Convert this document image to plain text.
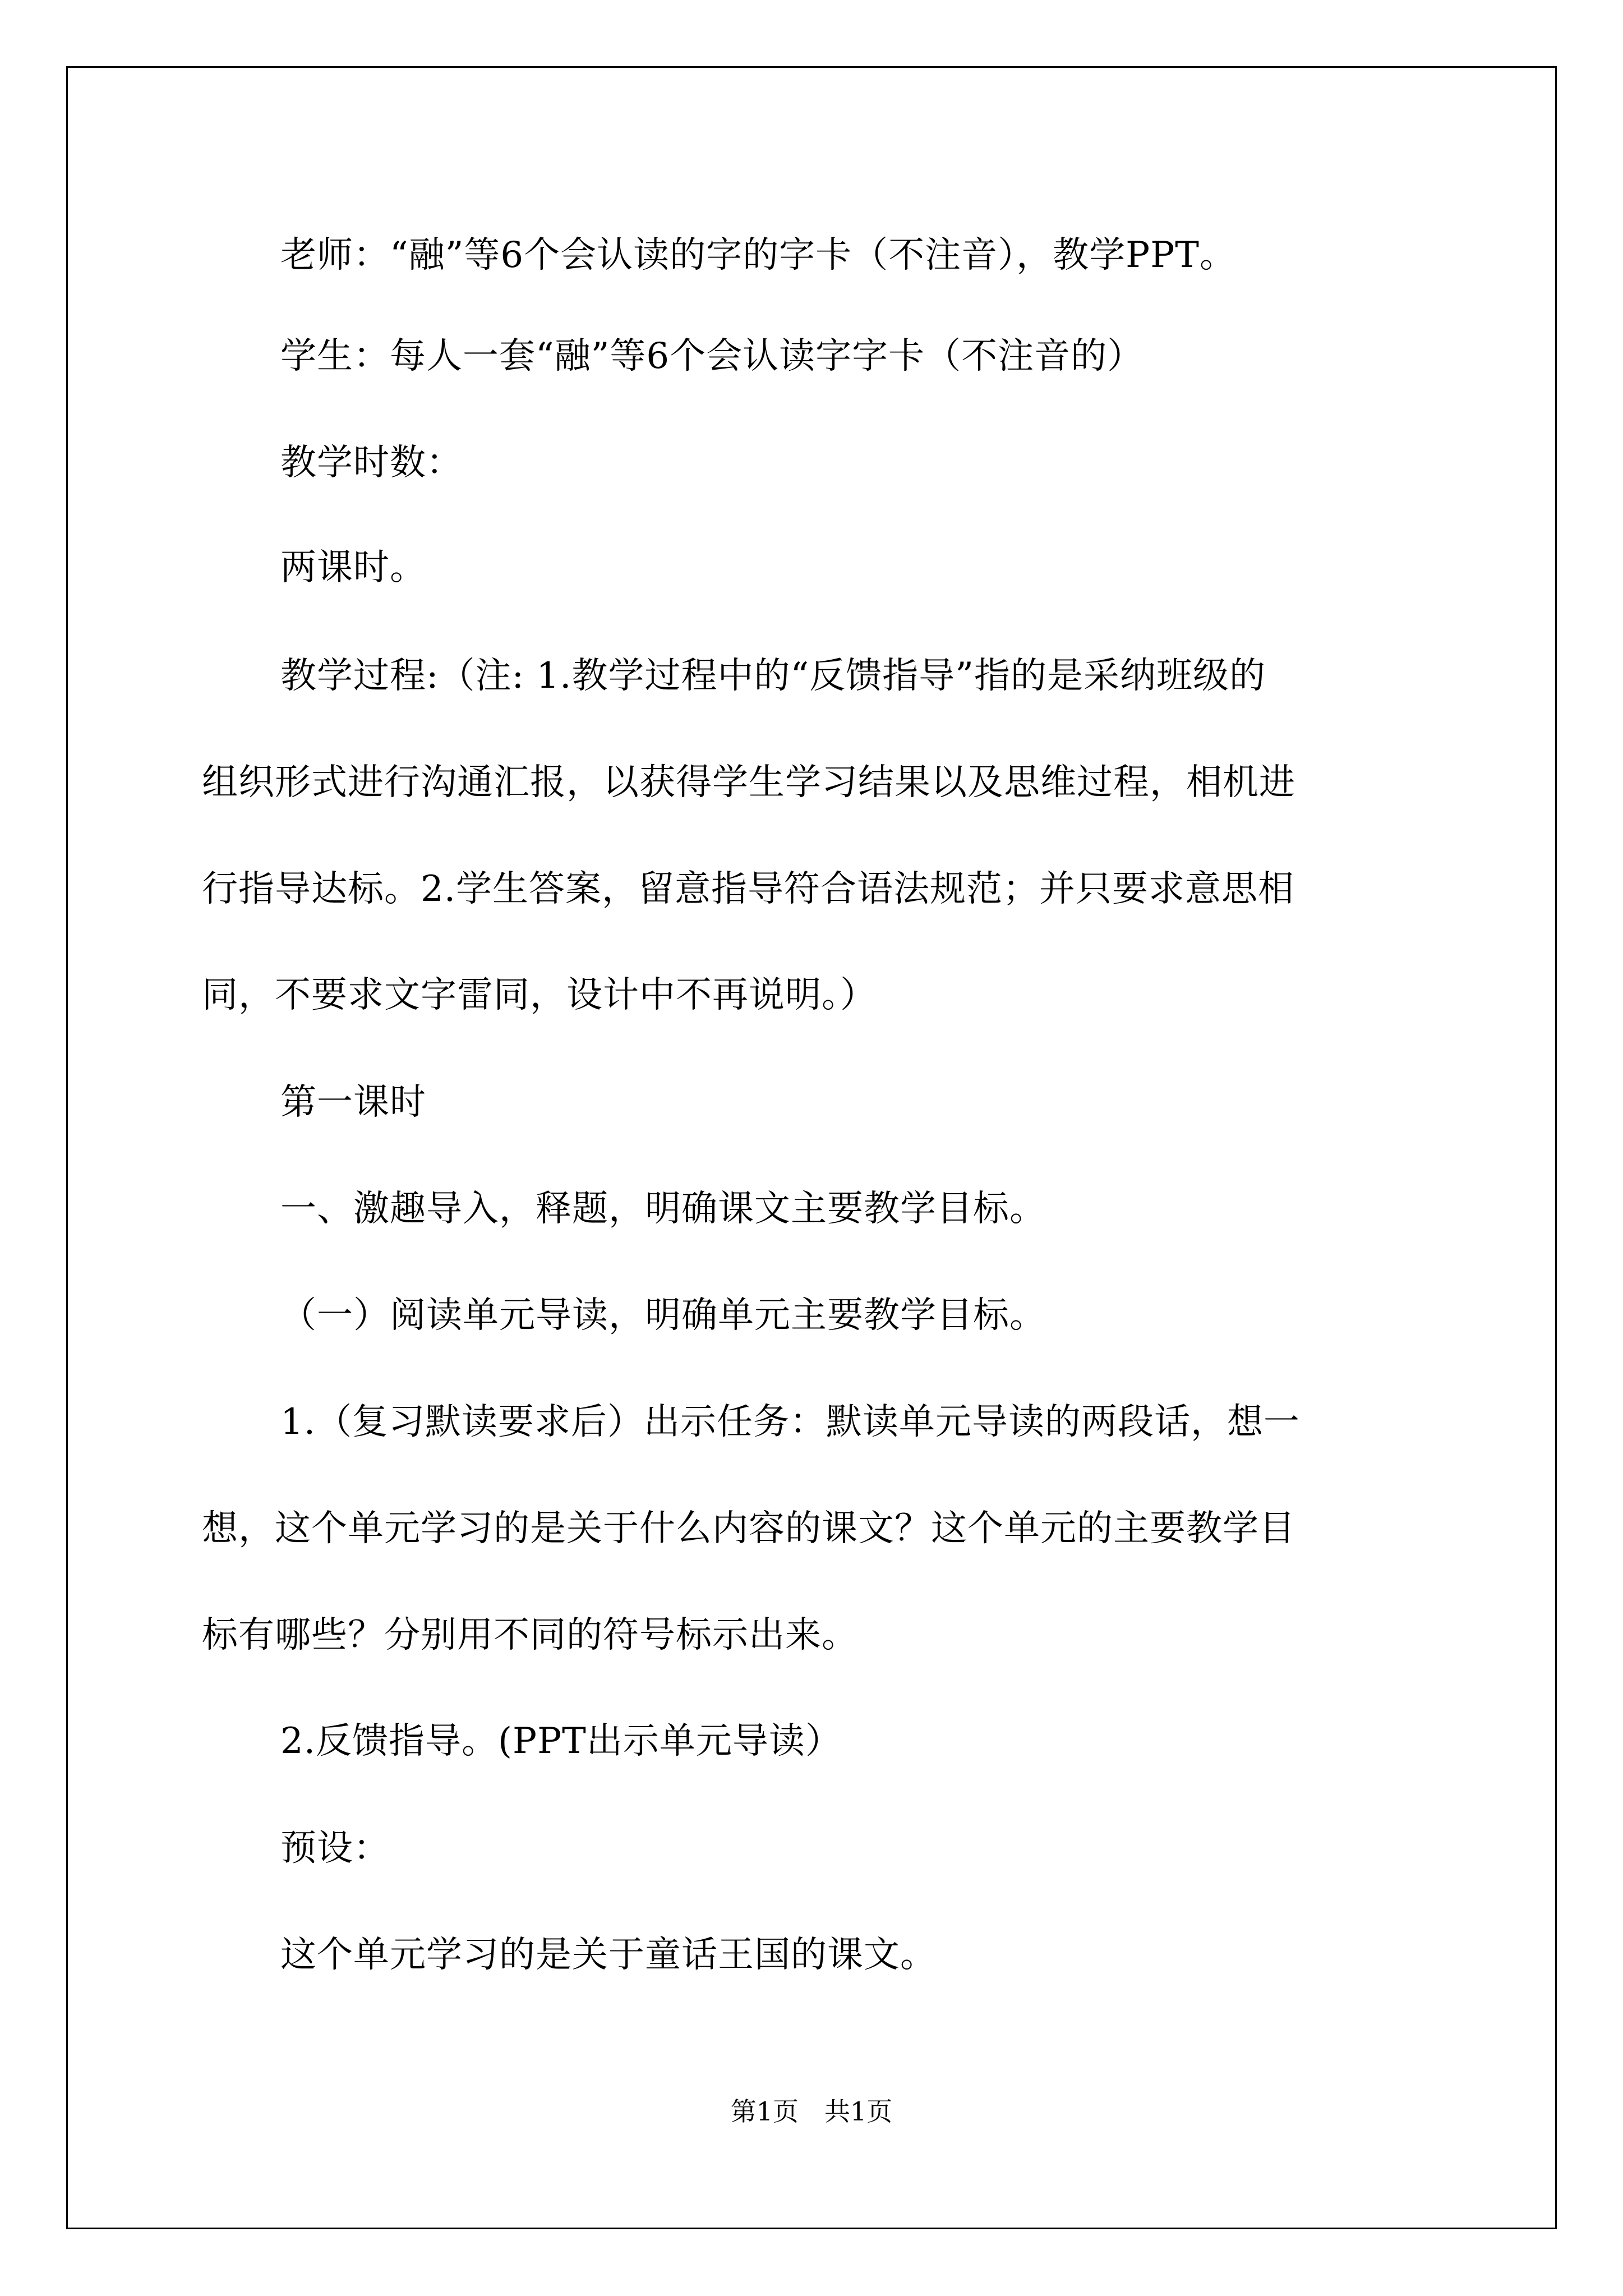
老师：“融”等6个会认读的字的字卡（不注音），教学PPT。
学生：每人一套“融”等6个会认读字字卡（不注音的）
教学时数：
两课时。
教学过程:（注: 1.教学过程中的“反馈指导”指的是采纳班级的
组织形式进行沟通汇报，以获得学生学习结果以及思维过程，相机进
行指导达标。2.学生答案，留意指导符合语法规范；并只要求意思相
同，不要求文字雷同，设计中不再说明。）
第一课时
一、激趣导入，释题，明确课文主要教学目标。
（一）阅读单元导读，明确单元主要教学目标。
1.（复习默读要求后）出示任务：默读单元导读的两段话，想一
想，这个单元学习的是关于什么内容的课文？这个单元的主要教学目
标有哪些？分别用不同的符号标示出来。
2.反馈指导。(PPT出示单元导读）
预设：
这个单元学习的是关于童话王国的课文。
第1页　共1页
